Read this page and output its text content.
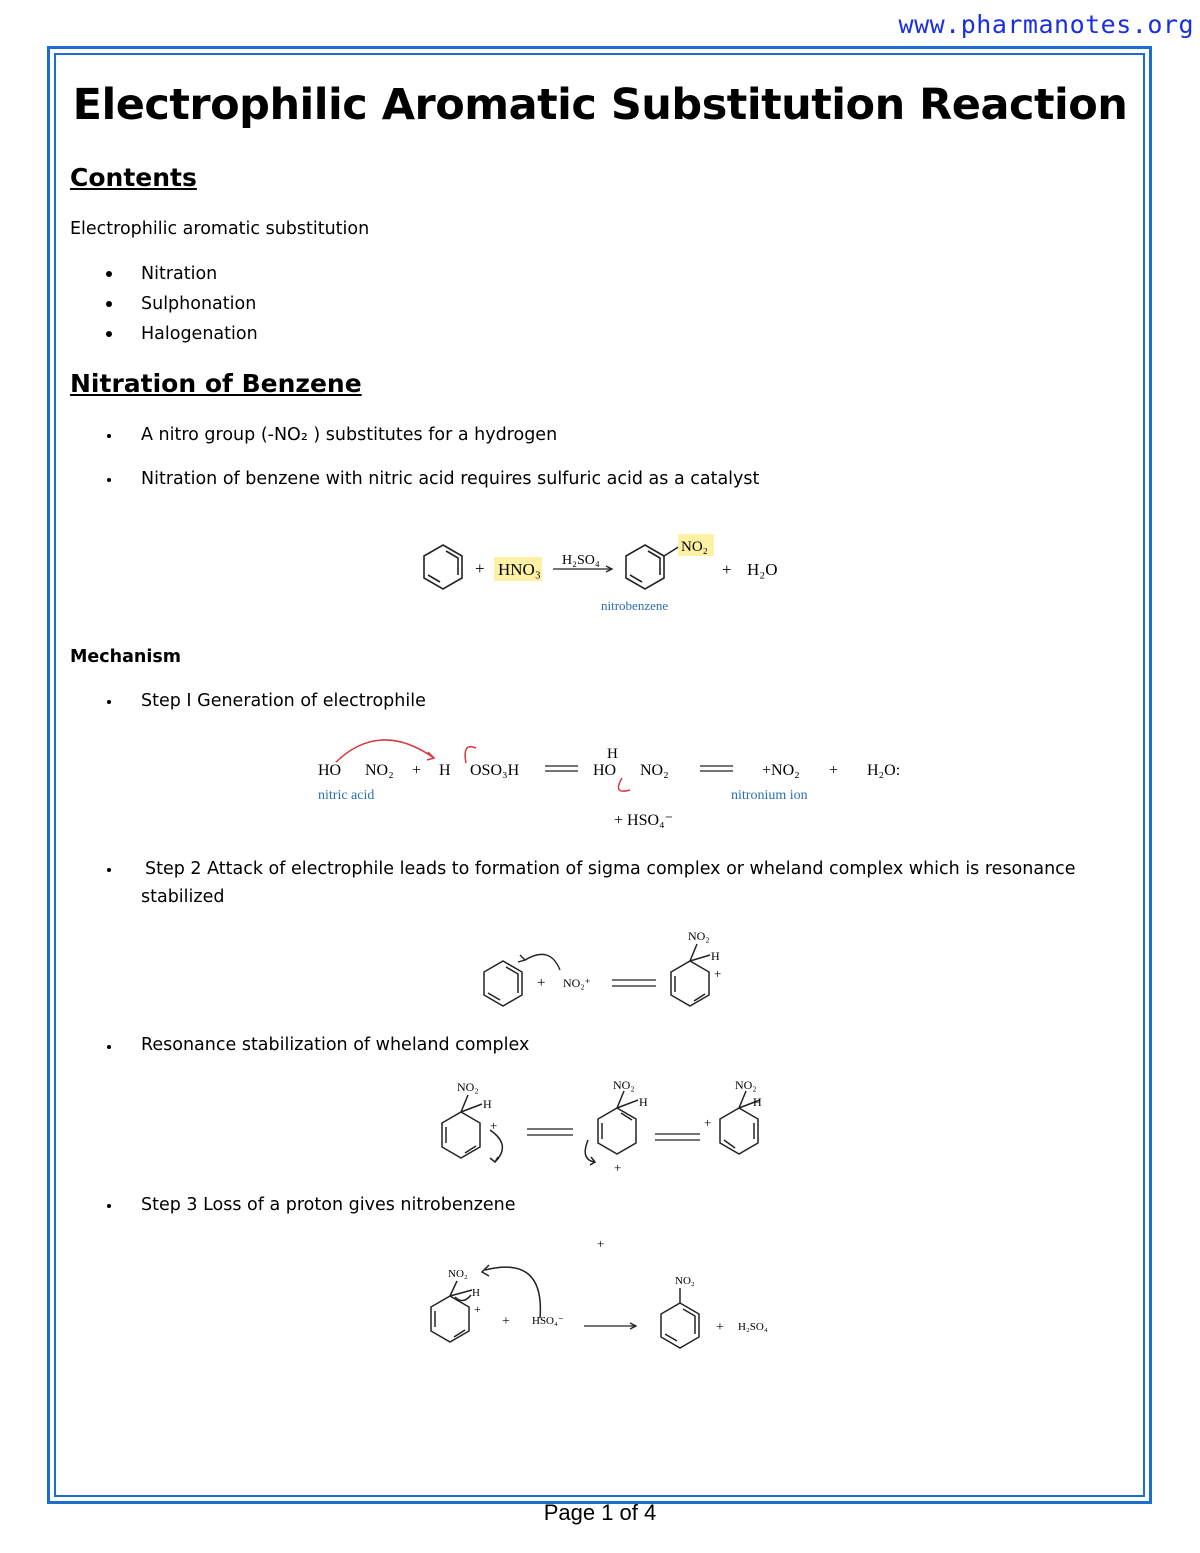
www.pharmanotes.org
Electrophilic Aromatic Substitution Reaction
Contents
Electrophilic aromatic substitution
Nitration
Sulphonation
Halogenation
Nitration of Benzene
A nitro group (-NO₂ ) substitutes for a hydrogen
Nitration of benzene with nitric acid requires sulfuric acid as a catalyst
+ HNO₃ H₂SO₄
NO₂
nitrobenzene
+ H₂O
Mechanism
Step I Generation of electrophile
HO NO₂ + H OSO₃H
H
HO NO₂	+NO₂ + H₂O:
nitric acid	nitronium ion
+ HSO₄⁻
Step 2 Attack of electrophile leads to formation of sigma complex or wheland complex which is resonance
stabilized
+ NO₂⁺
NO₂
H
+
Resonance stabilization of wheland complex
NO₂
H
+
NO₂
H
+
NO₂
H
+
Step 3 Loss of a proton gives nitrobenzene
+
NO₂
H
+
+ HSO₄⁻
NO₂
+ H₂SO₄
Page 1 of 4
